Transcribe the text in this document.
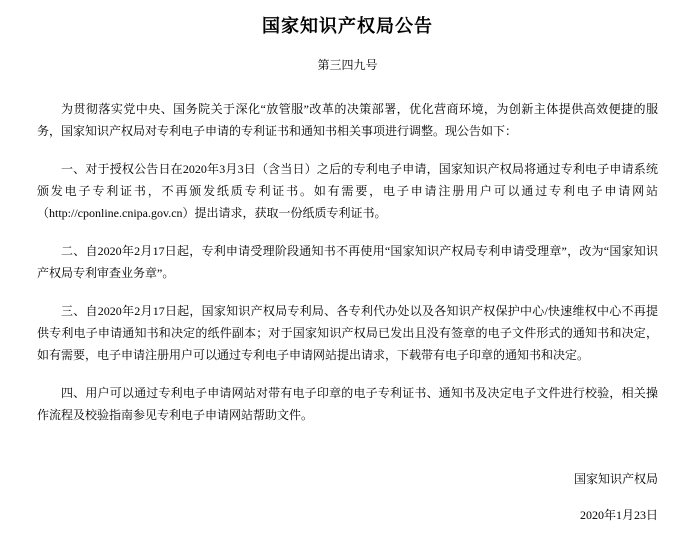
国家知识产权局公告
第三四九号

为贯彻落实党中央、国务院关于深化“放管服”改革的决策部署，优化营商环境，为创新主体提供高效便捷的服务，国家知识产权局对专利电子申请的专利证书和通知书相关事项进行调整。现公告如下：

一、对于授权公告日在2020年3月3日（含当日）之后的专利电子申请，国家知识产权局将通过专利电子申请系统颁发电子专利证书，不再颁发纸质专利证书。如有需要，电子申请注册用户可以通过专利电子申请网站（http://cponline.cnipa.gov.cn）提出请求，获取一份纸质专利证书。

二、自2020年2月17日起，专利申请受理阶段通知书不再使用“国家知识产权局专利申请受理章”，改为“国家知识产权局专利审查业务章”。

三、自2020年2月17日起，国家知识产权局专利局、各专利代办处以及各知识产权保护中心/快速维权中心不再提供专利电子申请通知书和决定的纸件副本；对于国家知识产权局已发出且没有签章的电子文件形式的通知书和决定，如有需要，电子申请注册用户可以通过专利电子申请网站提出请求，下载带有电子印章的通知书和决定。

四、用户可以通过专利电子申请网站对带有电子印章的电子专利证书、通知书及决定电子文件进行校验，相关操作流程及校验指南参见专利电子申请网站帮助文件。

国家知识产权局
2020年1月23日
